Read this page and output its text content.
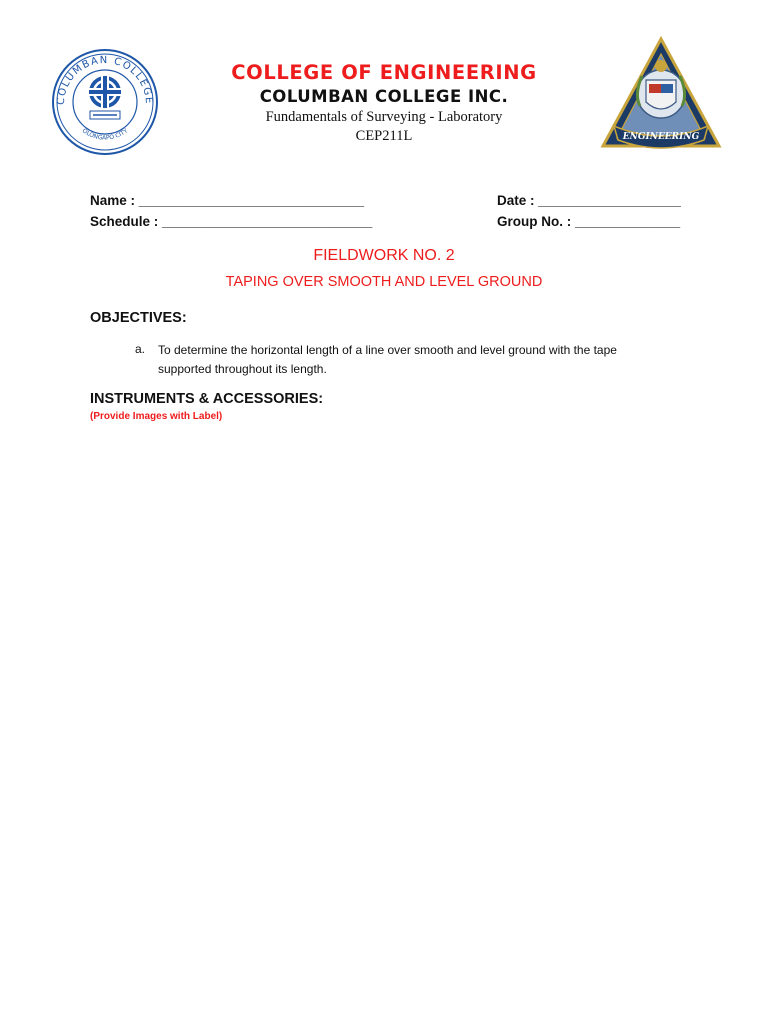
COLUMBAN COLLEGE
OLONGAPO CITY
ENGINEERING
COLLEGE OF ENGINEERING
COLUMBAN COLLEGE INC.
Fundamentals of Surveying - Laboratory
CEP211L
Name : ______________________________
Schedule : ____________________________
Date : ___________________
Group No. : ______________
FIELDWORK NO. 2
TAPING OVER SMOOTH AND LEVEL GROUND
OBJECTIVES:
a. To determine the horizontal length of a line over smooth and level ground with the tape supported throughout its length.
INSTRUMENTS & ACCESSORIES:
(Provide Images with Label)
